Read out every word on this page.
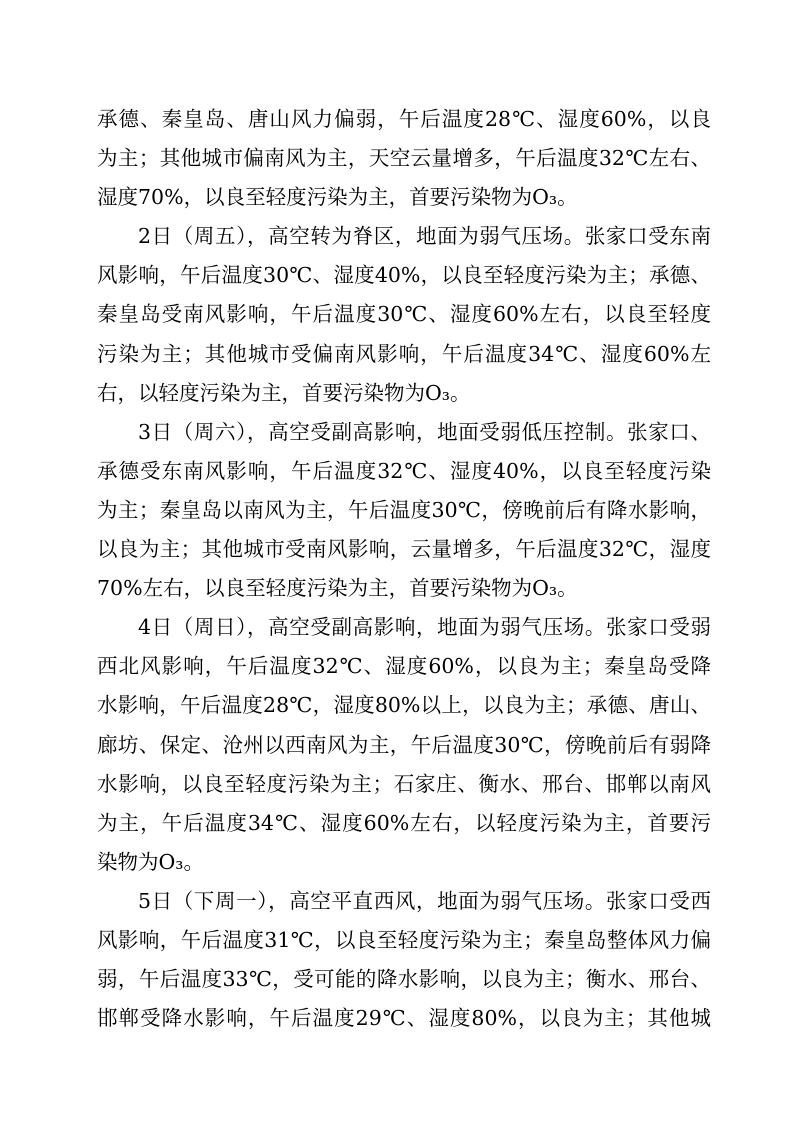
承德、秦皇岛、唐山风力偏弱，午后温度28℃、湿度60%，以良
为主；其他城市偏南风为主，天空云量增多，午后温度32℃左右、
湿度70%，以良至轻度污染为主，首要污染物为O₃。
2日（周五），高空转为脊区，地面为弱气压场。张家口受东南
风影响，午后温度30℃、湿度40%，以良至轻度污染为主；承德、
秦皇岛受南风影响，午后温度30℃、湿度60%左右，以良至轻度
污染为主；其他城市受偏南风影响，午后温度34℃、湿度60%左
右，以轻度污染为主，首要污染物为O₃。
3日（周六），高空受副高影响，地面受弱低压控制。张家口、
承德受东南风影响，午后温度32℃、湿度40%，以良至轻度污染
为主；秦皇岛以南风为主，午后温度30℃，傍晚前后有降水影响，
以良为主；其他城市受南风影响，云量增多，午后温度32℃，湿度
70%左右，以良至轻度污染为主，首要污染物为O₃。
4日（周日），高空受副高影响，地面为弱气压场。张家口受弱
西北风影响，午后温度32℃、湿度60%，以良为主；秦皇岛受降
水影响，午后温度28℃，湿度80%以上，以良为主；承德、唐山、
廊坊、保定、沧州以西南风为主，午后温度30℃，傍晚前后有弱降
水影响，以良至轻度污染为主；石家庄、衡水、邢台、邯郸以南风
为主，午后温度34℃、湿度60%左右，以轻度污染为主，首要污
染物为O₃。
5日（下周一），高空平直西风，地面为弱气压场。张家口受西
风影响，午后温度31℃，以良至轻度污染为主；秦皇岛整体风力偏
弱，午后温度33℃，受可能的降水影响，以良为主；衡水、邢台、
邯郸受降水影响，午后温度29℃、湿度80%，以良为主；其他城
